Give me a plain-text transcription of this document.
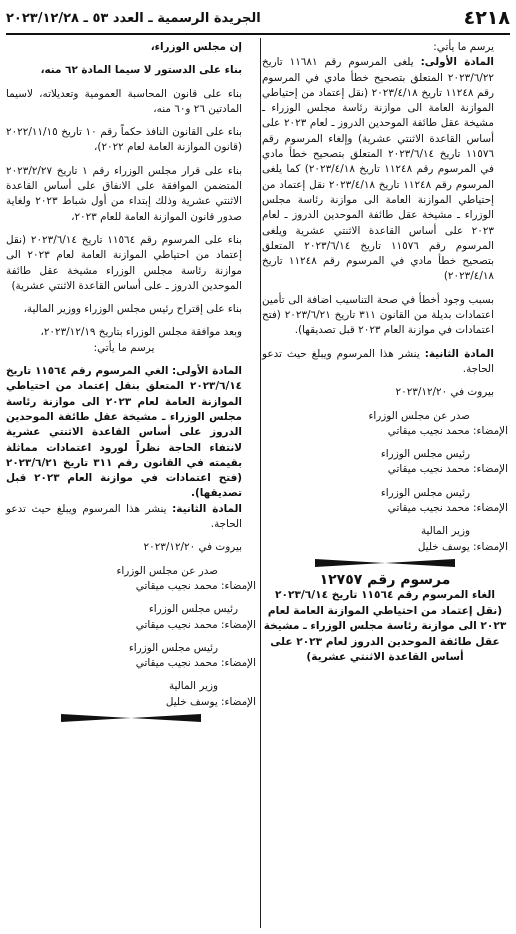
الجريدة الرسمية ـ العدد ٥٣ ـ ٢٠٢٣/١٢/٢٨	٤٢١٨

يرسم ما يأتي:

المادة الأولى: يلغى المرسوم رقم ١١٦٨١ تاريخ ٢٠٢٣/٦/٢٢ المتعلق بتصحيح خطأ مادي في المرسوم رقم ١١٢٤٨ تاريخ ٢٠٢٣/٤/١٨ (نقل إعتماد من إحتياطي الموازنة العامة الى موازنة رئاسة مجلس الوزراء ـ مشيخة عقل طائفة الموحدين الدروز ـ لعام ٢٠٢٣ على أساس القاعدة الاثنتي عشرية) وإلغاء المرسوم رقم ١١٥٧٦ تاريخ ٢٠٢٣/٦/١٤ المتعلق بتصحيح خطأ مادي في المرسوم رقم ١١٢٤٨ تاريخ ٢٠٢٣/٤/١٨) كما يلغى المرسوم رقم ١١٢٤٨ تاريخ ٢٠٢٣/٤/١٨ نقل إعتماد من إحتياطي الموازنة العامة الى موازنة رئاسة مجلس الوزراء ـ مشيخة عقل طائفة الموحدين الدروز ـ لعام ٢٠٢٣ على أساس القاعدة الاثنتي عشرية ويلغى المرسوم رقم ١١٥٧٦ تاريخ ٢٠٢٣/٦/١٤ المتعلق بتصحيح خطأ مادي في المرسوم رقم ١١٢٤٨ تاريخ ٢٠٢٣/٤/١٨)

بسبب وجود أخطأ في صحة التناسيب اضافة الى تأمين اعتمادات بديلة من القانون ٣١١ تاريخ ٢٠٢٣/٦/٢١ (فتح اعتمادات في موازنة العام ٢٠٢٣ قبل تصديقها).

المادة الثانية: ينشر هذا المرسوم ويبلغ حيث تدعو الحاجة.

بيروت في ٢٠٢٣/١٢/٢٠

صدر عن مجلس الوزراء

الإمضاء: محمد نجيب ميقاتي

رئيس مجلس الوزراء

الإمضاء: محمد نجيب ميقاتي

رئيس مجلس الوزراء

الإمضاء: محمد نجيب ميقاتي

وزير المالية

الإمضاء: يوسف خليل

مرسوم رقم ١٢٧٥٧

الغاء المرسوم رقم ١١٥٦٤ تاريخ ٢٠٢٣/٦/١٤ (نقل إعتماد من احتياطي الموازنة العامة لعام ٢٠٢٣ الى موازنة رئاسة مجلس الوزراء ـ مشيخة عقل طائفة الموحدين الدروز لعام ٢٠٢٣ على أساس القاعدة الاثنتي عشرية)

إن مجلس الوزراء،

بناء على الدستور لا سيما المادة ٦٢ منه،

بناء على قانون المحاسبة العمومية وتعديلاته، لاسيما المادتين ٢٦ و٦٠ منه،

بناء على القانون النافذ حكماً رقم ١٠ تاريخ ٢٠٢٢/١١/١٥ (قانون الموازنة العامة لعام ٢٠٢٢)،

بناء على قرار مجلس الوزراء رقم ١ تاريخ ٢٠٢٣/٢/٢٧ المتضمن الموافقة على الانفاق على أساس القاعدة الاثنتي عشرية وذلك إبتداء من أول شباط ٢٠٢٣ ولغاية صدور قانون الموازنة العامة للعام ٢٠٢٣،

بناء على المرسوم رقم ١١٥٦٤ تاريخ ٢٠٢٣/٦/١٤ (نقل إعتماد من احتياطي الموازنة العامة لعام ٢٠٢٣ الى موازنة رئاسة مجلس الوزراء مشيخة عقل طائفة الموحدين الدروز ـ على أساس القاعدة الاثنتي عشرية)

بناء على إقتراح رئيس مجلس الوزراء ووزير المالية،

وبعد موافقة مجلس الوزراء بتاريخ ٢٠٢٣/١٢/١٩،

يرسم ما يأتي:

المادة الأولى: الغي المرسوم رقم ١١٥٦٤ تاريخ ٢٠٢٣/٦/١٤ المتعلق بنقل إعتماد من احتياطي الموازنة العامة لعام ٢٠٢٣ الى موازنة رئاسة مجلس الوزراء ـ مشيخة عقل طائفة الموحدين الدروز على أساس القاعدة الاثنتي عشرية لانتفاء الحاجة نظراً لورود اعتمادات مماثلة بقيمته في القانون رقم ٣١١ تاريخ ٢٠٢٣/٦/٢١ (فتح اعتمادات في موازنة العام ٢٠٢٣ قبل تصديقها).

المادة الثانية: ينشر هذا المرسوم ويبلغ حيث تدعو الحاجة.

بيروت في ٢٠٢٣/١٢/٢٠

صدر عن مجلس الوزراء

الإمضاء: محمد نجيب ميقاتي

رئيس مجلس الوزراء

الإمضاء: محمد نجيب ميقاتي

رئيس مجلس الوزراء

الإمضاء: محمد نجيب ميقاتي

وزير المالية

الإمضاء: يوسف خليل
